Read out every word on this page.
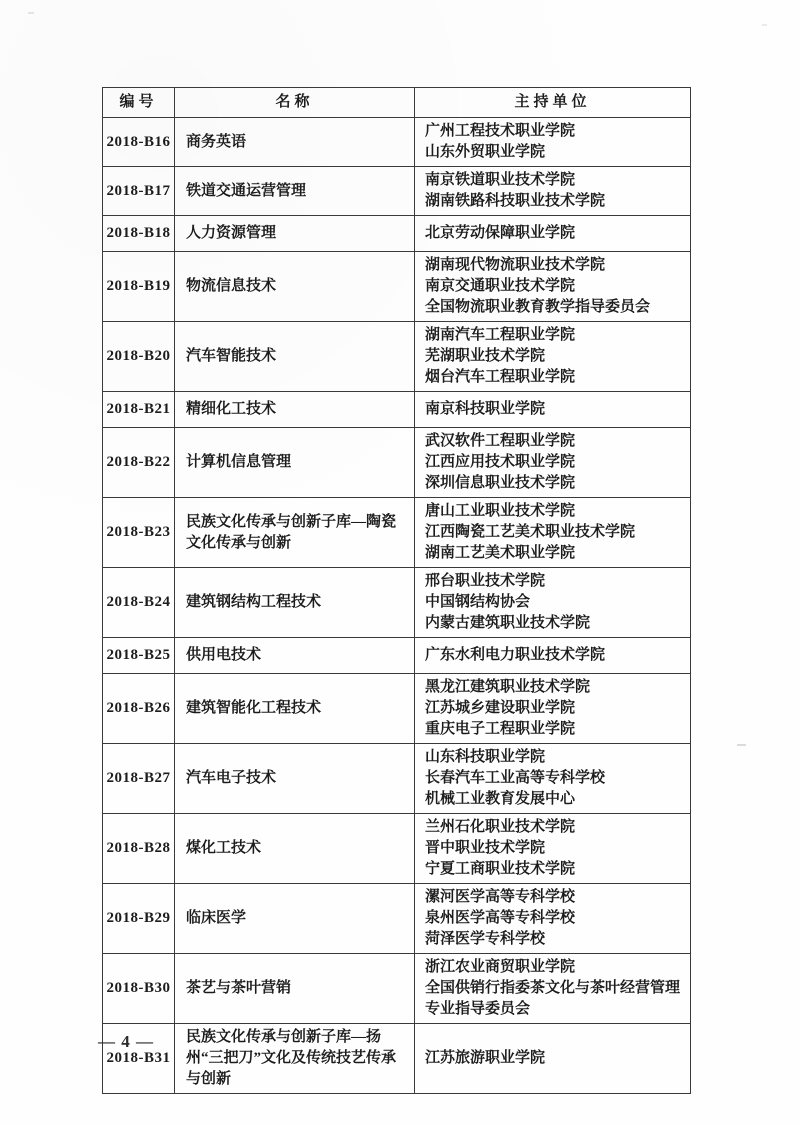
编号	名称	主持单位
2018-B16	商务英语	广州工程技术职业学院
山东外贸职业学院

2018-B17	铁道交通运营管理	南京铁道职业技术学院
湖南铁路科技职业技术学院

2018-B18	人力资源管理	北京劳动保障职业学院

2018-B19	物流信息技术	湖南现代物流职业技术学院
南京交通职业技术学院
全国物流职业教育教学指导委员会

2018-B20	汽车智能技术	湖南汽车工程职业学院
芜湖职业技术学院
烟台汽车工程职业学院

2018-B21	精细化工技术	南京科技职业学院

2018-B22	计算机信息管理	武汉软件工程职业学院
江西应用技术职业学院
深圳信息职业技术学院

2018-B23	民族文化传承与创新子库—陶瓷文化传承与创新	唐山工业职业技术学院
江西陶瓷工艺美术职业技术学院
湖南工艺美术职业学院

2018-B24	建筑钢结构工程技术	邢台职业技术学院
中国钢结构协会
内蒙古建筑职业技术学院

2018-B25	供用电技术	广东水利电力职业技术学院

2018-B26	建筑智能化工程技术	黑龙江建筑职业技术学院
江苏城乡建设职业学院
重庆电子工程职业学院

2018-B27	汽车电子技术	山东科技职业学院
长春汽车工业高等专科学校
机械工业教育发展中心

2018-B28	煤化工技术	兰州石化职业技术学院
晋中职业技术学院
宁夏工商职业技术学院

2018-B29	临床医学	漯河医学高等专科学校
泉州医学高等专科学校
菏泽医学专科学校

2018-B30	茶艺与茶叶营销	浙江农业商贸职业学院
全国供销行指委茶文化与茶叶经营管理专业指导委员会

2018-B31	民族文化传承与创新子库—扬州“三把刀”文化及传统技艺传承与创新	江苏旅游职业学院
— 4 —
